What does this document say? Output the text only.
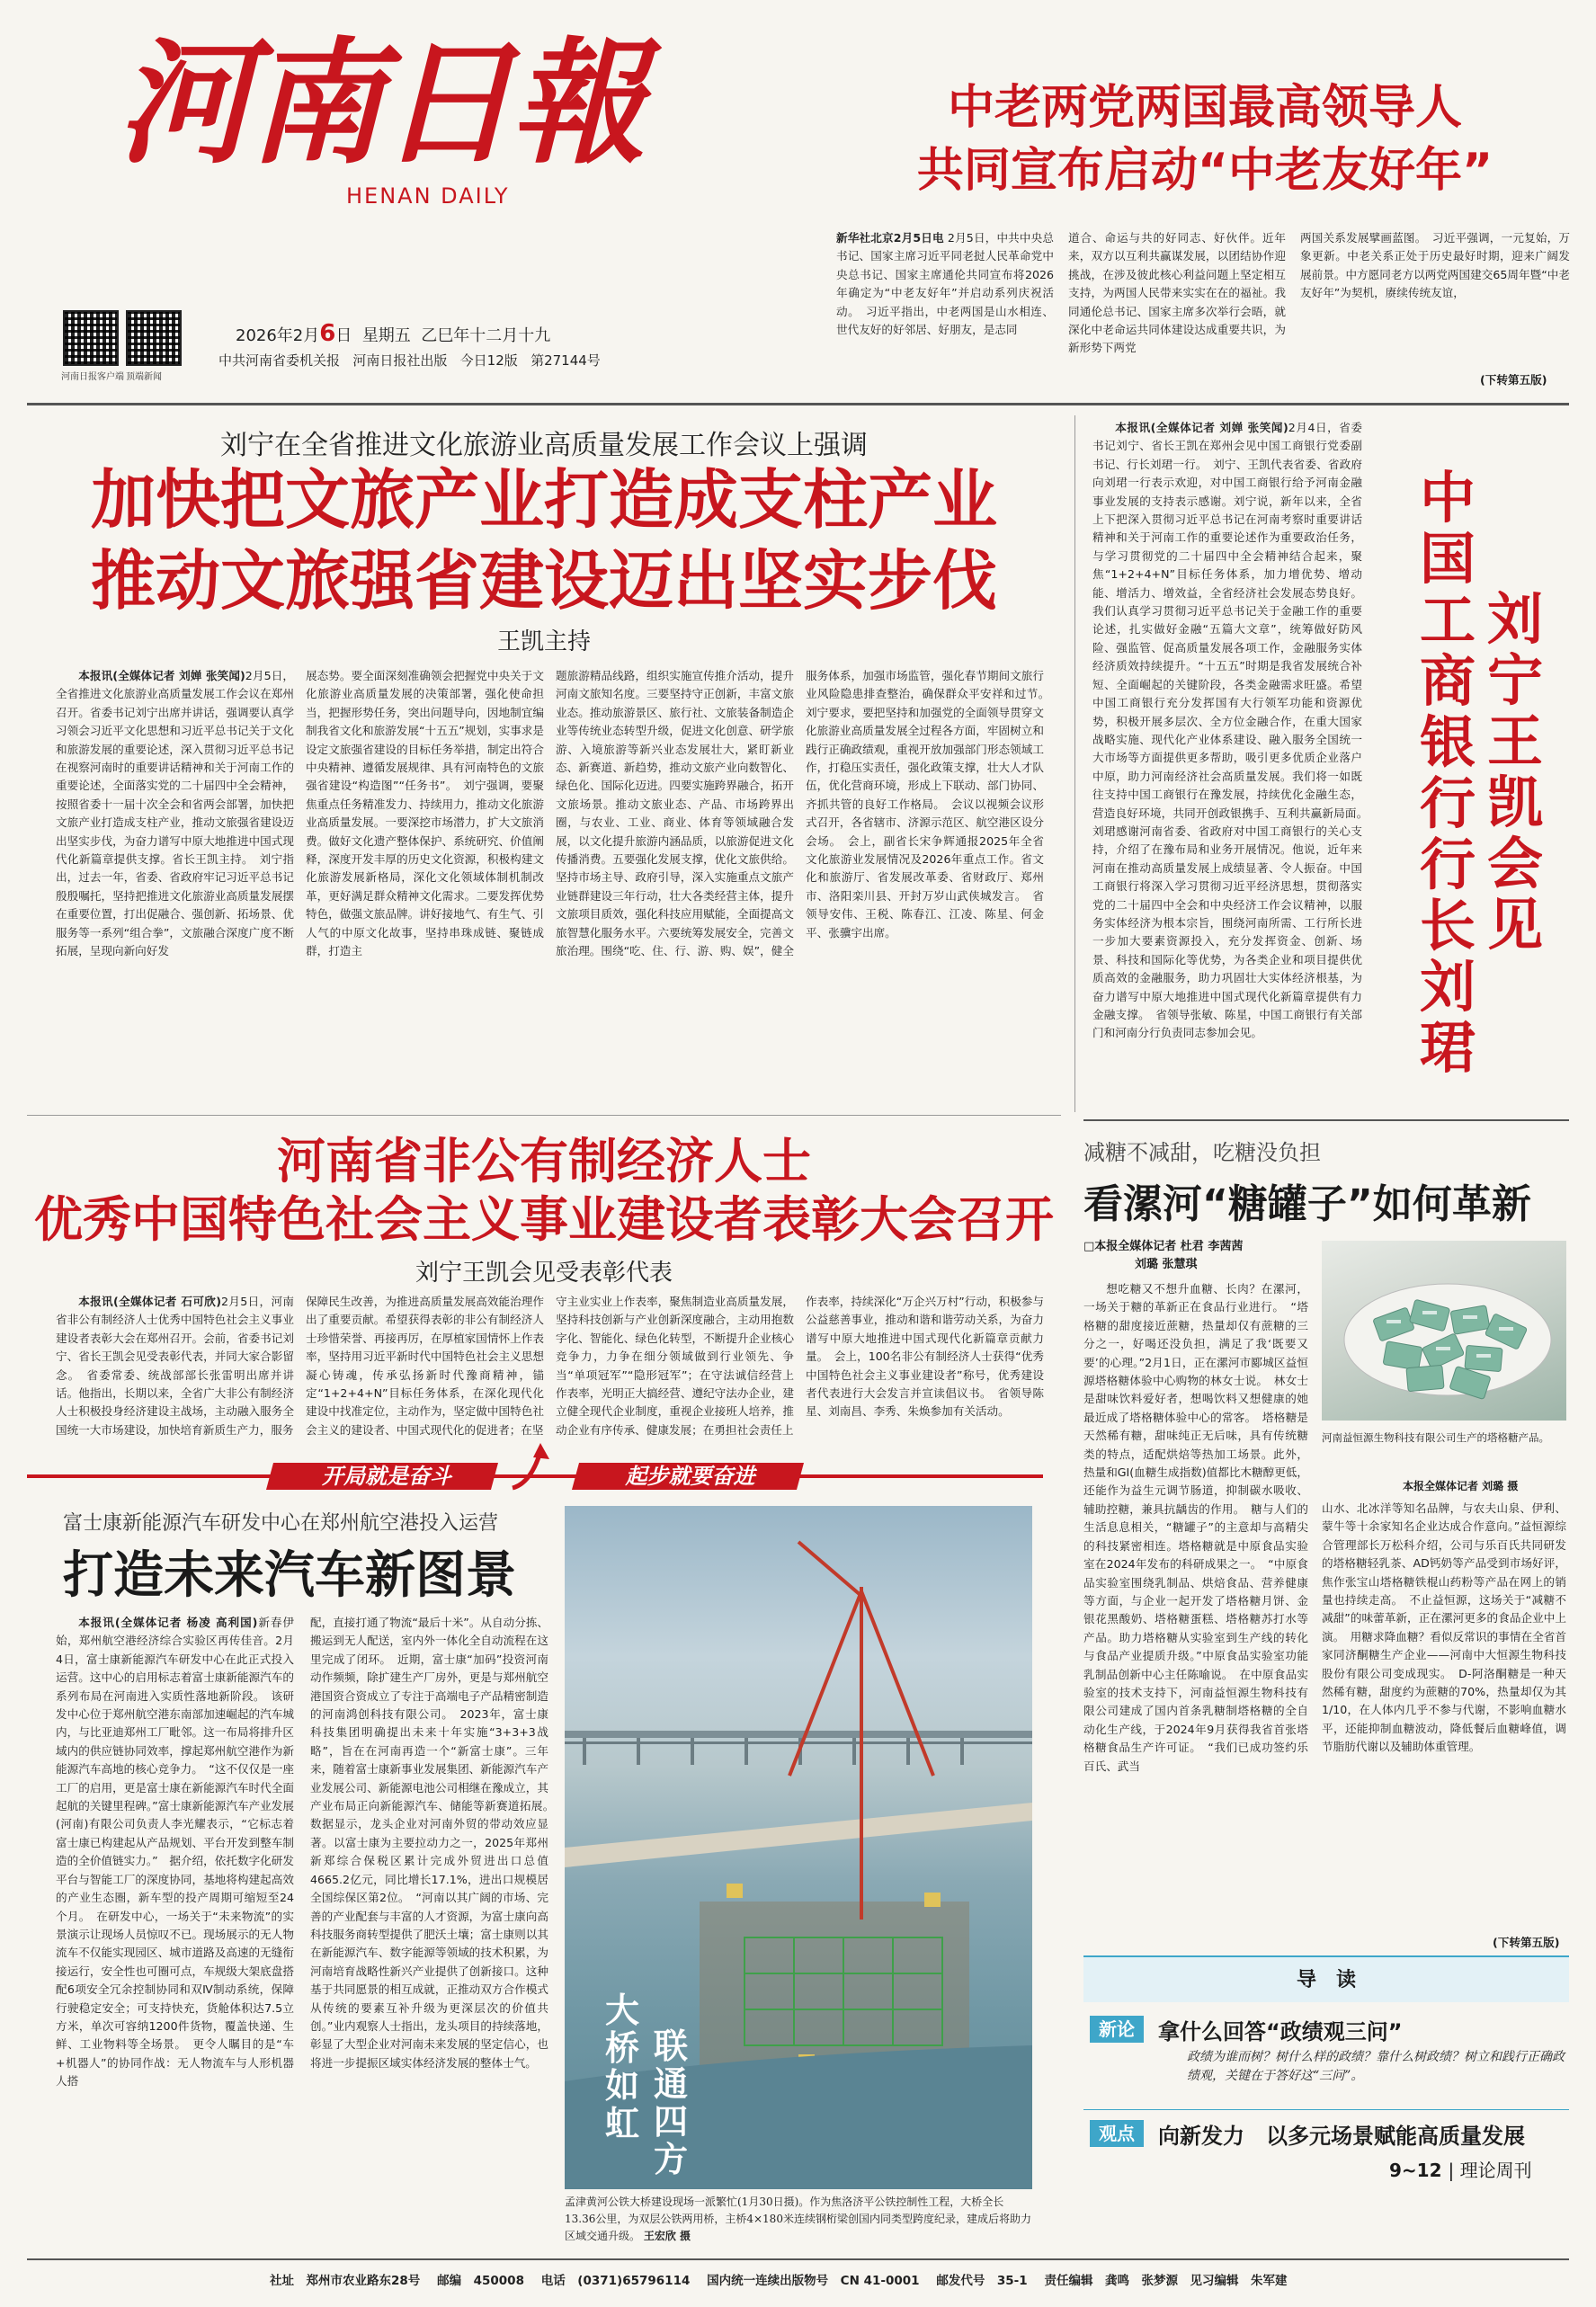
河南日報
HENAN DAILY
河南日报客户端 顶端新闻
2026年2月6日 星期五 乙巳年十二月十九
中共河南省委机关报 河南日报社出版 今日12版 第27144号
中老两党两国最高领导人
共同宣布启动“中老友好年”

新华社北京2月5日电 2月5日，中共中央总书记、国家主席习近平同老挝人民革命党中央总书记、国家主席通伦共同宣布将2026年确定为“中老友好年”并启动系列庆祝活动。　习近平指出，中老两国是山水相连、世代友好的好邻居、好朋友，是志同

道合、命运与共的好同志、好伙伴。近年来，双方以互利共赢谋发展，以团结协作迎挑战，在涉及彼此核心利益问题上坚定相互支持，为两国人民带来实实在在的福祉。我同通伦总书记、国家主席多次举行会晤，就深化中老命运共同体建设达成重要共识，为新形势下两党

两国关系发展擘画蓝图。　习近平强调，一元复始，万象更新。中老关系正处于历史最好时期，迎来广阔发展前景。中方愿同老方以两党两国建交65周年暨“中老友好年”为契机，赓续传统友谊，

(下转第五版)
刘宁在全省推进文化旅游业高质量发展工作会议上强调
加快把文旅产业打造成支柱产业
推动文旅强省建设迈出坚实步伐
王凯主持

本报讯(全媒体记者 刘婵 张笑闻)2月5日，全省推进文化旅游业高质量发展工作会议在郑州召开。省委书记刘宁出席并讲话，强调要认真学习领会习近平文化思想和习近平总书记关于文化和旅游发展的重要论述，深入贯彻习近平总书记在视察河南时的重要讲话精神和关于河南工作的重要论述，全面落实党的二十届四中全会精神，按照省委十一届十次全会和省两会部署，加快把文旅产业打造成支柱产业，推动文旅强省建设迈出坚实步伐，为奋力谱写中原大地推进中国式现代化新篇章提供支撑。省长王凯主持。　刘宁指出，过去一年，省委、省政府牢记习近平总书记殷殷嘱托，坚持把推进文化旅游业高质量发展摆在重要位置，打出促融合、强创新、拓场景、优服务等一系列“组合拳”，文旅融合深度广度不断拓展，呈现向新向好发

展态势。要全面深刻准确领会把握党中央关于文化旅游业高质量发展的决策部署，强化使命担当，把握形势任务，突出问题导向，因地制宜编制我省文化和旅游发展“十五五”规划，实事求是设定文旅强省建设的目标任务举措，制定出符合中央精神、遵循发展规律、具有河南特色的文旅强省建设“构造图”“任务书”。　刘宁强调，要聚焦重点任务精准发力、持续用力，推动文化旅游业高质量发展。一要深挖市场潜力，扩大文旅消费。做好文化遗产整体保护、系统研究、价值阐释，深度开发丰厚的历史文化资源，积极构建文化旅游发展新格局，深化文化领域体制机制改革，更好满足群众精神文化需求。二要发挥优势特色，做强文旅品牌。讲好接地气、有生气、引人气的中原文化故事，坚持串珠成链、聚链成群，打造主

题旅游精品线路，组织实施宣传推介活动，提升河南文旅知名度。三要坚持守正创新，丰富文旅业态。推动旅游景区、旅行社、文旅装备制造企业等传统业态转型升级，促进文化创意、研学旅游、入境旅游等新兴业态发展壮大，紧盯新业态、新赛道、新趋势，推动文旅产业向数智化、绿色化、国际化迈进。四要实施跨界融合，拓开文旅场景。推动文旅业态、产品、市场跨界出圈，与农业、工业、商业、体育等领域融合发展，以文化提升旅游内涵品质，以旅游促进文化传播消费。五要强化发展支撑，优化文旅供给。坚持市场主导、政府引导，深入实施重点文旅产业链群建设三年行动，壮大各类经营主体，提升文旅项目质效，强化科技应用赋能，全面提高文旅智慧化服务水平。六要统筹发展安全，完善文旅治理。围绕“吃、住、行、游、购、娱”，健全

服务体系，加强市场监管，强化春节期间文旅行业风险隐患排查整治，确保群众平安祥和过节。　刘宁要求，要把坚持和加强党的全面领导贯穿文化旅游业高质量发展全过程各方面，牢固树立和践行正确政绩观，重视开放加强部门形态领域工作，打稳压实责任，强化政策支撑，壮大人才队伍，优化营商环境，形成上下联动、部门协同、齐抓共管的良好工作格局。　会议以视频会议形式召开，各省辖市、济源示范区、航空港区设分会场。　会上，副省长宋争辉通报2025年全省文化旅游业发展情况及2026年重点工作。省文化和旅游厅、省发展改革委、省财政厅、郑州市、洛阳栾川县、开封万岁山武侠城发言。　省领导安伟、王税、陈春江、江凌、陈星、何金平、张骥宇出席。

本报讯(全媒体记者 刘婵 张笑闻)2月4日，省委书记刘宁、省长王凯在郑州会见中国工商银行党委副书记、行长刘珺一行。　刘宁、王凯代表省委、省政府向刘珺一行表示欢迎，对中国工商银行给予河南金融事业发展的支持表示感谢。刘宁说，新年以来，全省上下把深入贯彻习近平总书记在河南考察时重要讲话精神和关于河南工作的重要论述作为重要政治任务，与学习贯彻党的二十届四中全会精神结合起来，聚焦“1+2+4+N”目标任务体系，加力增优势、增动能、增活力、增效益，全省经济社会发展态势良好。我们认真学习贯彻习近平总书记关于金融工作的重要论述，扎实做好金融“五篇大文章”，统筹做好防风险、强监管、促高质量发展各项工作，金融服务实体经济质效持续提升。“十五五”时期是我省发展统合补短、全面崛起的关键阶段，各类金融需求旺盛。希望中国工商银行充分发挥国有大行领军功能和资源优势，积极开展多层次、全方位金融合作，在重大国家战略实施、现代化产业体系建设、融入服务全国统一大市场等方面提供更多帮助，吸引更多优质企业落户中原，助力河南经济社会高质量发展。我们将一如既往支持中国工商银行在豫发展，持续优化金融生态，营造良好环境，共同开创政银携手、互利共赢新局面。　刘珺感谢河南省委、省政府对中国工商银行的关心支持，介绍了在豫布局和业务开展情况。他说，近年来河南在推动高质量发展上成绩显著、令人振奋。中国工商银行将深入学习贯彻习近平经济思想，贯彻落实党的二十届四中全会和中央经济工作会议精神，以服务实体经济为根本宗旨，围绕河南所需、工行所长进一步加大要素资源投入，充分发挥资金、创新、场景、科技和国际化等优势，为各类企业和项目提供优质高效的金融服务，助力巩固壮大实体经济根基，为奋力谱写中原大地推进中国式现代化新篇章提供有力金融支撑。　省领导张敏、陈星，中国工商银行有关部门和河南分行负责同志参加会见。

中国工商银行行长刘珺
刘宁王凯会见
河南省非公有制经济人士
优秀中国特色社会主义事业建设者表彰大会召开
刘宁王凯会见受表彰代表

本报讯(全媒体记者 石可欣)2月5日，河南省非公有制经济人士优秀中国特色社会主义事业建设者表彰大会在郑州召开。会前，省委书记刘宁、省长王凯会见受表彰代表，并同大家合影留念。　省委常委、统战部部长张雷明出席并讲话。他指出，长期以来，全省广大非公有制经济人士积极投身经济建设主战场，主动融入服务全国统一大市场建设，加快培育新质生产力，服务

保障民生改善，为推进高质量发展高效能治理作出了重要贡献。希望获得表彰的非公有制经济人士珍惜荣誉、再接再厉，在厚植家国情怀上作表率，坚持用习近平新时代中国特色社会主义思想凝心铸魂，传承弘扬新时代豫商精神，锚定“1+2+4+N”目标任务体系，在深化现代化建设中找准定位，主动作为，坚定做中国特色社会主义的建设者、中国式现代化的促进者；在坚

守主业实业上作表率，聚焦制造业高质量发展，坚持科技创新与产业创新深度融合，主动用抱数字化、智能化、绿色化转型，不断提升企业核心竞争力，力争在细分领域做到行业领先、争当“单项冠军”“隐形冠军”；在守法诚信经营上作表率，光明正大搞经营、遵纪守法办企业，建立健全现代企业制度，重视企业接班人培养，推动企业有序传承、健康发展；在勇担社会责任上

作表率，持续深化“万企兴万村”行动，积极参与公益慈善事业，推动和谐和谐劳动关系，为奋力谱写中原大地推进中国式现代化新篇章贡献力量。　会上，100名非公有制经济人士获得“优秀中国特色社会主义事业建设者”称号，优秀建设者代表进行大会发言并宣读倡议书。　省领导陈星、刘南昌、李秀、朱焕参加有关活动。

减糖不减甜，吃糖没负担
看漯河“糖罐子”如何革新
□本报全媒体记者 杜君 李茜茜
刘璐 张慧琪

想吃糖又不想升血糖、长肉？在漯河，一场关于糖的革新正在食品行业进行。　“塔格糖的甜度接近蔗糖，热量却仅有蔗糖的三分之一，好喝还没负担，满足了我‘既要又要’的心理。”2月1日，正在漯河市郾城区益恒源塔格糖体验中心购物的林女士说。　林女士是甜味饮料爱好者，想喝饮料又想健康的她最近成了塔格糖体验中心的常客。　塔格糖是天然稀有糖，甜味纯正无后味，具有传统糖类的特点，适配烘焙等热加工场景。此外，热量和GI(血糖生成指数)值都比木糖醇更低，还能作为益生元调节肠道，抑制碳水吸收、辅助控糖，兼具抗龋齿的作用。　糖与人们的生活息息相关，“糖罐子”的主意却与高精尖的科技紧密相连。塔格糖就是中原食品实验室在2024年发布的科研成果之一。　“中原食品实验室围绕乳制品、烘焙食品、营养健康等方面，与企业一起开发了塔格糖月饼、金银花黑酸奶、塔格糖蛋糕、塔格糖苏打水等产品。助力塔格糖从实验室到生产线的转化与食品产业提质升级。”中原食品实验室功能乳制品创新中心主任陈喻说。　在中原食品实验室的技术支持下，河南益恒源生物科技有限公司建成了国内首条乳糖制塔格糖的全自动化生产线，于2024年9月获得我省首张塔格糖食品生产许可证。　“我们已成功签约乐百氏、武当

河南益恒源生物科技有限公司生产的塔格糖产品。
本报全媒体记者 刘璐 摄

山水、北冰洋等知名品牌，与农夫山泉、伊利、蒙牛等十余家知名企业达成合作意向。”益恒源综合管理部长万松科介绍，公司与乐百氏共同研发的塔格糖轻乳茶、AD钙奶等产品受到市场好评，焦作张宝山塔格糖铁棍山药粉等产品在网上的销量也持续走高。　不止益恒源，这场关于“减糖不减甜”的味蕾革新，正在漯河更多的食品企业中上演。　用糖求降血糖？看似反常识的事情在全省首家同济酮糖生产企业——河南中大恒源生物科技股份有限公司变成现实。　D-阿洛酮糖是一种天然稀有糖，甜度约为蔗糖的70%，热量却仅为其1/10，在人体内几乎不参与代谢，不影响血糖水平，还能抑制血糖波动，降低餐后血糖峰值，调节脂肪代谢以及辅助体重管理。

(下转第五版)
开局就是奋斗	起步就要奋进
富士康新能源汽车研发中心在郑州航空港投入运营
打造未来汽车新图景

本报讯(全媒体记者 杨凌 高利国)新春伊始，郑州航空港经济综合实验区再传佳音。2月4日，富士康新能源汽车研发中心在此正式投入运营。这中心的启用标志着富士康新能源汽车的系列布局在河南进入实质性落地新阶段。　该研发中心位于郑州航空港东南部加速崛起的汽车城内，与比亚迪郑州工厂毗邻。这一布局将排升区域内的供应链协同效率，撑起郑州航空港作为新能源汽车高地的核心竞争力。　“这不仅仅是一座工厂的启用，更是富士康在新能源汽车时代全面起航的关键里程碑。”富士康新能源汽车产业发展(河南)有限公司负责人李光耀表示，“它标志着富士康已构建起从产品规划、平台开发到整车制造的全价值链实力。”　据介绍，依托数字化研发平台与智能工厂的深度协同，基地将构建起高效的产业生态圈，新车型的投产周期可缩短至24个月。　在研发中心，一场关于“未来物流”的实景演示让现场人员惊叹不已。现场展示的无人物流车不仅能实现园区、城市道路及高速的无缝衔接运行，安全性也可圈可点，车规级大架底盘搭配6项安全冗余控制协同和双Ⅳ制动系统，保障行驶稳定安全；可支持快充，货舱体积达7.5立方米，单次可容纳1200件货物，覆盖快递、生鲜、工业物料等全场景。　更令人瞩目的是“车+机器人”的协同作战：无人物流车与人形机器人搭

配，直接打通了物流“最后十米”。从自动分拣、搬运到无人配送，室内外一体化全自动流程在这里完成了闭环。　近期，富士康“加码”投资河南动作频频，除扩建生产厂房外，更是与郑州航空港国资合资成立了专注于高端电子产品精密制造的河南鸿创科技有限公司。　2023年，富士康科技集团明确提出未来十年实施“3+3+3战略”，旨在在河南再造一个“新富士康”。三年来，随着富士康新事业发展集团、新能源汽车产业发展公司、新能源电池公司相继在豫成立，其产业布局正向新能源汽车、储能等新赛道拓展。　数据显示，龙头企业对河南外贸的带动效应显著。以富士康为主要拉动力之一，2025年郑州新郑综合保税区累计完成外贸进出口总值4665.2亿元，同比增长17.1%，进出口规模居全国综保区第2位。　“河南以其广阔的市场、完善的产业配套与丰富的人才资源，为富士康向高科技服务商转型提供了肥沃土壤；富士康则以其在新能源汽车、数字能源等领域的技术积累，为河南培育战略性新兴产业提供了创新接口。这种基于共同愿景的相互成就，正推动双方合作模式从传统的要素互补升级为更深层次的价值共创。”业内观察人士指出，龙头项目的持续落地，彰显了大型企业对河南未来发展的坚定信心，也将进一步提振区域实体经济发展的整体士气。

大桥如虹
联通四方
孟津黄河公铁大桥建设现场一派繁忙(1月30日摄)。作为焦洛济平公铁控制性工程，大桥全长13.36公里，为双层公铁两用桥，主桥4×180米连续钢桁梁创国内同类型跨度纪录，建成后将助力区域交通升级。 王宏欣 摄
导　读
新论	拿什么回答“政绩观三问”
政绩为谁而树？树什么样的政绩？靠什么树政绩？树立和践行正确政绩观，关键在于答好这“三问”。
观点	向新发力　以多元场景赋能高质量发展
9~12 | 理论周刊
社址　郑州市农业路东28号 邮编　450008 电话　(0371)65796114 国内统一连续出版物号　CN 41-0001 邮发代号　35-1 责任编辑　龚鸣　张梦源　见习编辑　朱军建
